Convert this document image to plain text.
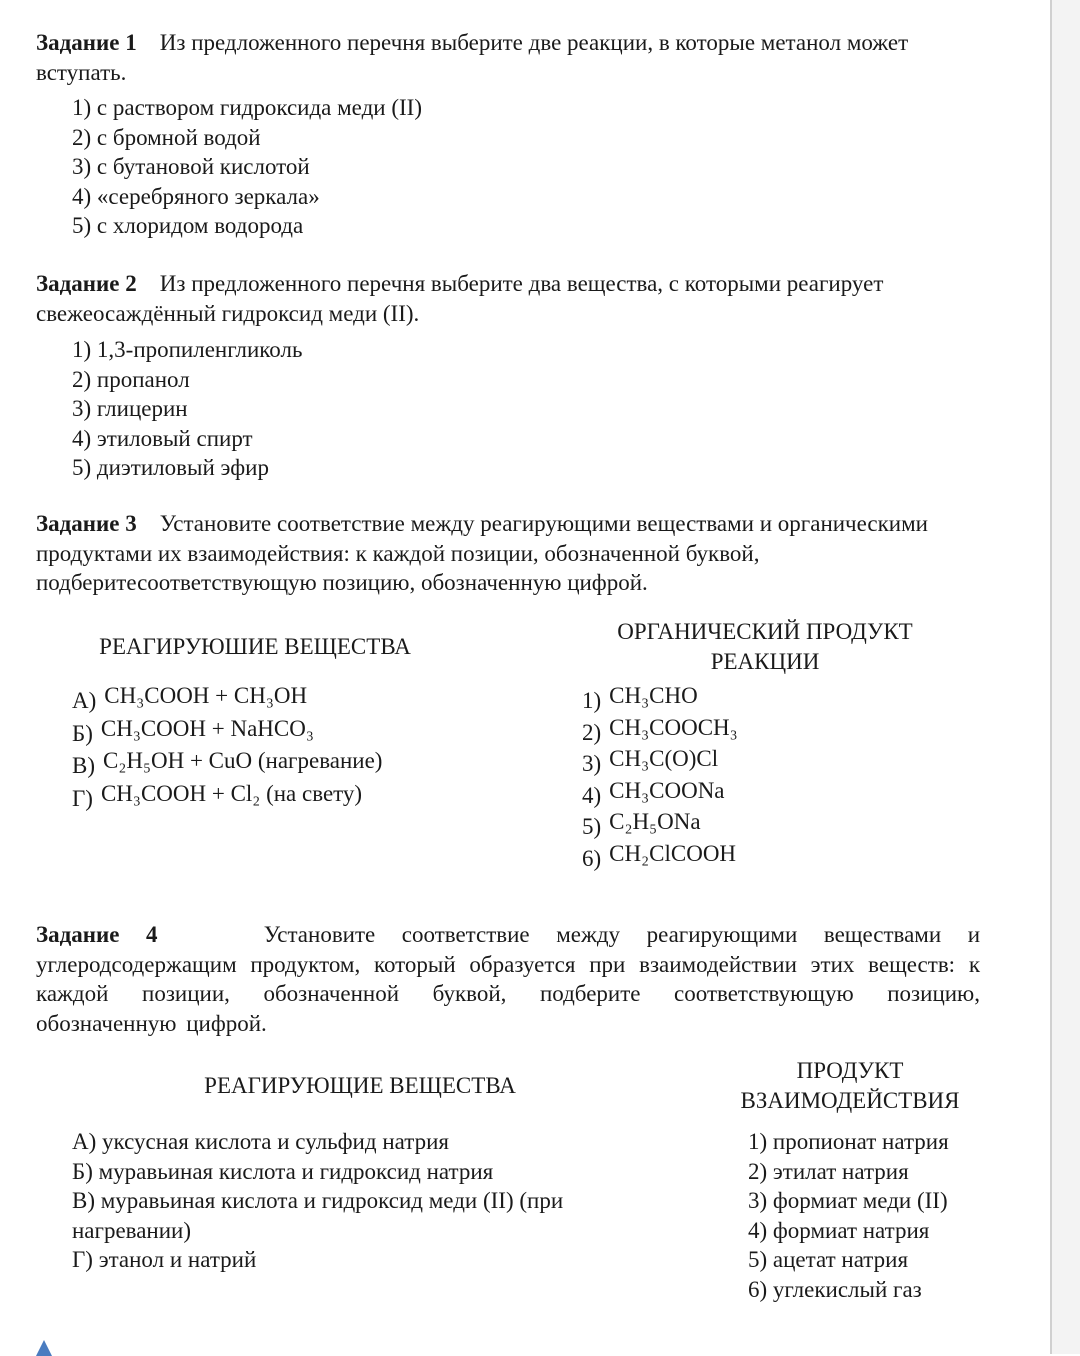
Задание 1 Из предложенного перечня выберите две реакции, в которые метанол может вступать.
1) с раствором гидроксида меди (II)
2) с бромной водой
3) с бутановой кислотой
4) «серебряного зеркала»
5) с хлоридом водорода
Задание 2 Из предложенного перечня выберите два вещества, с которыми реагирует свежеосаждённый гидроксид меди (II).
1) 1,3-пропиленгликоль
2) пропанол
3) глицерин
4) этиловый спирт
5) диэтиловый эфир
Задание 3 Установите соответствие между реагирующими веществами и органическими продуктами их взаимодействия: к каждой позиции, обозначенной буквой, подберитесоответствующую позицию, обозначенную цифрой.
РЕАГИРУЮШИЕ ВЕЩЕСТВА
ОРГАНИЧЕСКИЙ ПРОДУКТ РЕАКЦИИ
А) CH₃COOH + CH₃OH
Б) CH₃COOH + NaHCO₃
В) C₂H₅OH + CuO (нагревание)
Г) CH₃COOH + Cl₂ (на свету)
1) CH₃CHO
2) CH₃COOCH₃
3) CH₃C(O)Cl
4) CH₃COONa
5) C₂H₅ONa
6) CH₂ClCOOH
Задание 4	Установите соответствие между реагирующими веществами и углеродсодержащим продуктом, который образуется при взаимодействии этих веществ: к каждой позиции, обозначенной буквой, подберите соответствующую позицию, обозначенную цифрой.
РЕАГИРУЮЩИЕ ВЕЩЕСТВА
ПРОДУКТ ВЗАИМОДЕЙСТВИЯ
А) уксусная кислота и сульфид натрия
Б) муравьиная кислота и гидроксид натрия
В) муравьиная кислота и гидроксид меди (II) (при нагревании)
Г) этанол и натрий
1) пропионат натрия
2) этилат натрия
3) формиат меди (II)
4) формиат натрия
5) ацетат натрия
6) углекислый газ
